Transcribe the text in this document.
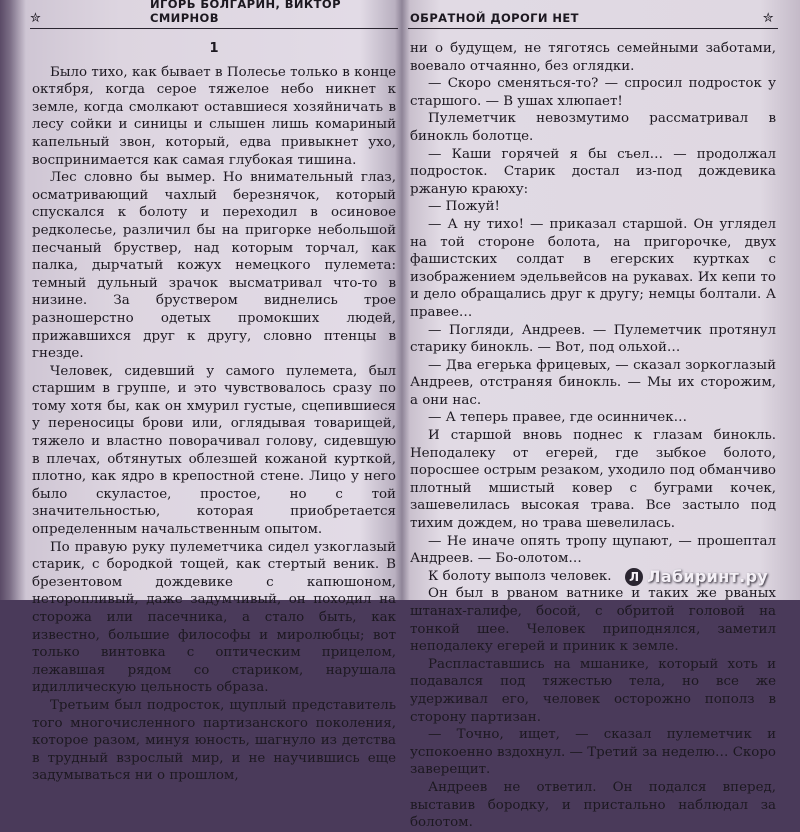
✮
ИГОРЬ БОЛГАРИН, ВИКТОР СМИРНОВ
1

Было тихо, как бывает в Полесье только в конце октября, когда серое тяжелое небо никнет к земле, когда смолкают оставшиеся хозяйничать в лесу сойки и синицы и слышен лишь комариный капельный звон, который, едва привыкнет ухо, воспринимается как самая глубокая тишина.

Лес словно бы вымер. Но внимательный глаз, осматривающий чахлый березнячок, который спускался к болоту и переходил в осиновое редколесье, различил бы на пригорке небольшой песчаный бруствер, над которым торчал, как палка, дырчатый кожух немецкого пулемета: темный дульный зрачок высматривал что-то в низине. За бруствером виднелись трое разношерстно одетых промокших людей, прижавшихся друг к другу, словно птенцы в гнезде.

Человек, сидевший у самого пулемета, был старшим в группе, и это чувствовалось сразу по тому хотя бы, как он хмурил густые, сцепившиеся у переносицы брови или, оглядывая товарищей, тяжело и властно поворачивал голову, сидевшую в плечах, обтянутых облезшей кожаной курткой, плотно, как ядро в крепостной стене. Лицо у него было скуластое, простое, но с той значительностью, которая приобретается определенным начальственным опытом.

По правую руку пулеметчика сидел узкоглазый старик, с бородкой тощей, как стертый веник. В брезентовом дождевике с капюшоном, неторопливый, даже задумчивый, он походил на сторожа или пасечника, а стало быть, как известно, большие философы и миролюбцы; вот только винтовка с оптическим прицелом, лежавшая рядом со стариком, нарушала идиллическую цельность образа.

Третьим был подросток, щуплый представитель того многочисленного партизанского поколения, которое разом, минуя юность, шагнуло из детства в трудный взрослый мир, и не научившись еще задумываться ни о прошлом,

ОБРАТНОЙ ДОРОГИ НЕТ	✮

ни о будущем, не тяготясь семейными заботами, воевало отчаянно, без оглядки.

— Скоро сменяться-то? — спросил подросток у старшого. — В ушах хлюпает!

Пулеметчик невозмутимо рассматривал в бинокль болотце.

— Каши горячей я бы съел… — продолжал подросток. Старик достал из-под дождевика ржаную краюху:

— Пожуй!

— А ну тихо! — приказал старшой. Он углядел на той стороне болота, на пригорочке, двух фашистских солдат в егерских куртках с изображением эдельвейсов на рукавах. Их кепи то и дело обращались друг к другу; немцы болтали. А правее…

— Погляди, Андреев. — Пулеметчик протянул старику бинокль. — Вот, под ольхой…

— Два егерька фрицевых, — сказал зоркоглазый Андреев, отстраняя бинокль. — Мы их сторожим, а они нас.

— А теперь правее, где осинничек…

И старшой вновь поднес к глазам бинокль. Неподалеку от егерей, где зыбкое болото, поросшее острым резаком, уходило под обманчиво плотный мшистый ковер с буграми кочек, зашевелилась высокая трава. Все застыло под тихим дождем, но трава шевелилась.

— Не иначе опять тропу щупают, — прошептал Андреев. — Бо-олотом…

К болоту выполз человек.

Он был в рваном ватнике и таких же рваных штанах-галифе, босой, с обритой головой на тонкой шее. Человек приподнялся, заметил неподалеку егерей и приник к земле.

Распластавшись на мшанике, который хоть и подавался под тяжестью тела, но все же удерживал его, человек осторожно пополз в сторону партизан.

— Точно, ищет, — сказал пулеметчик и успокоенно вздохнул. — Третий за неделю… Скоро заверещит.

Андреев не ответил. Он подался вперед, выставив бородку, и пристально наблюдал за болотом.

Л Лабиринт.ру
